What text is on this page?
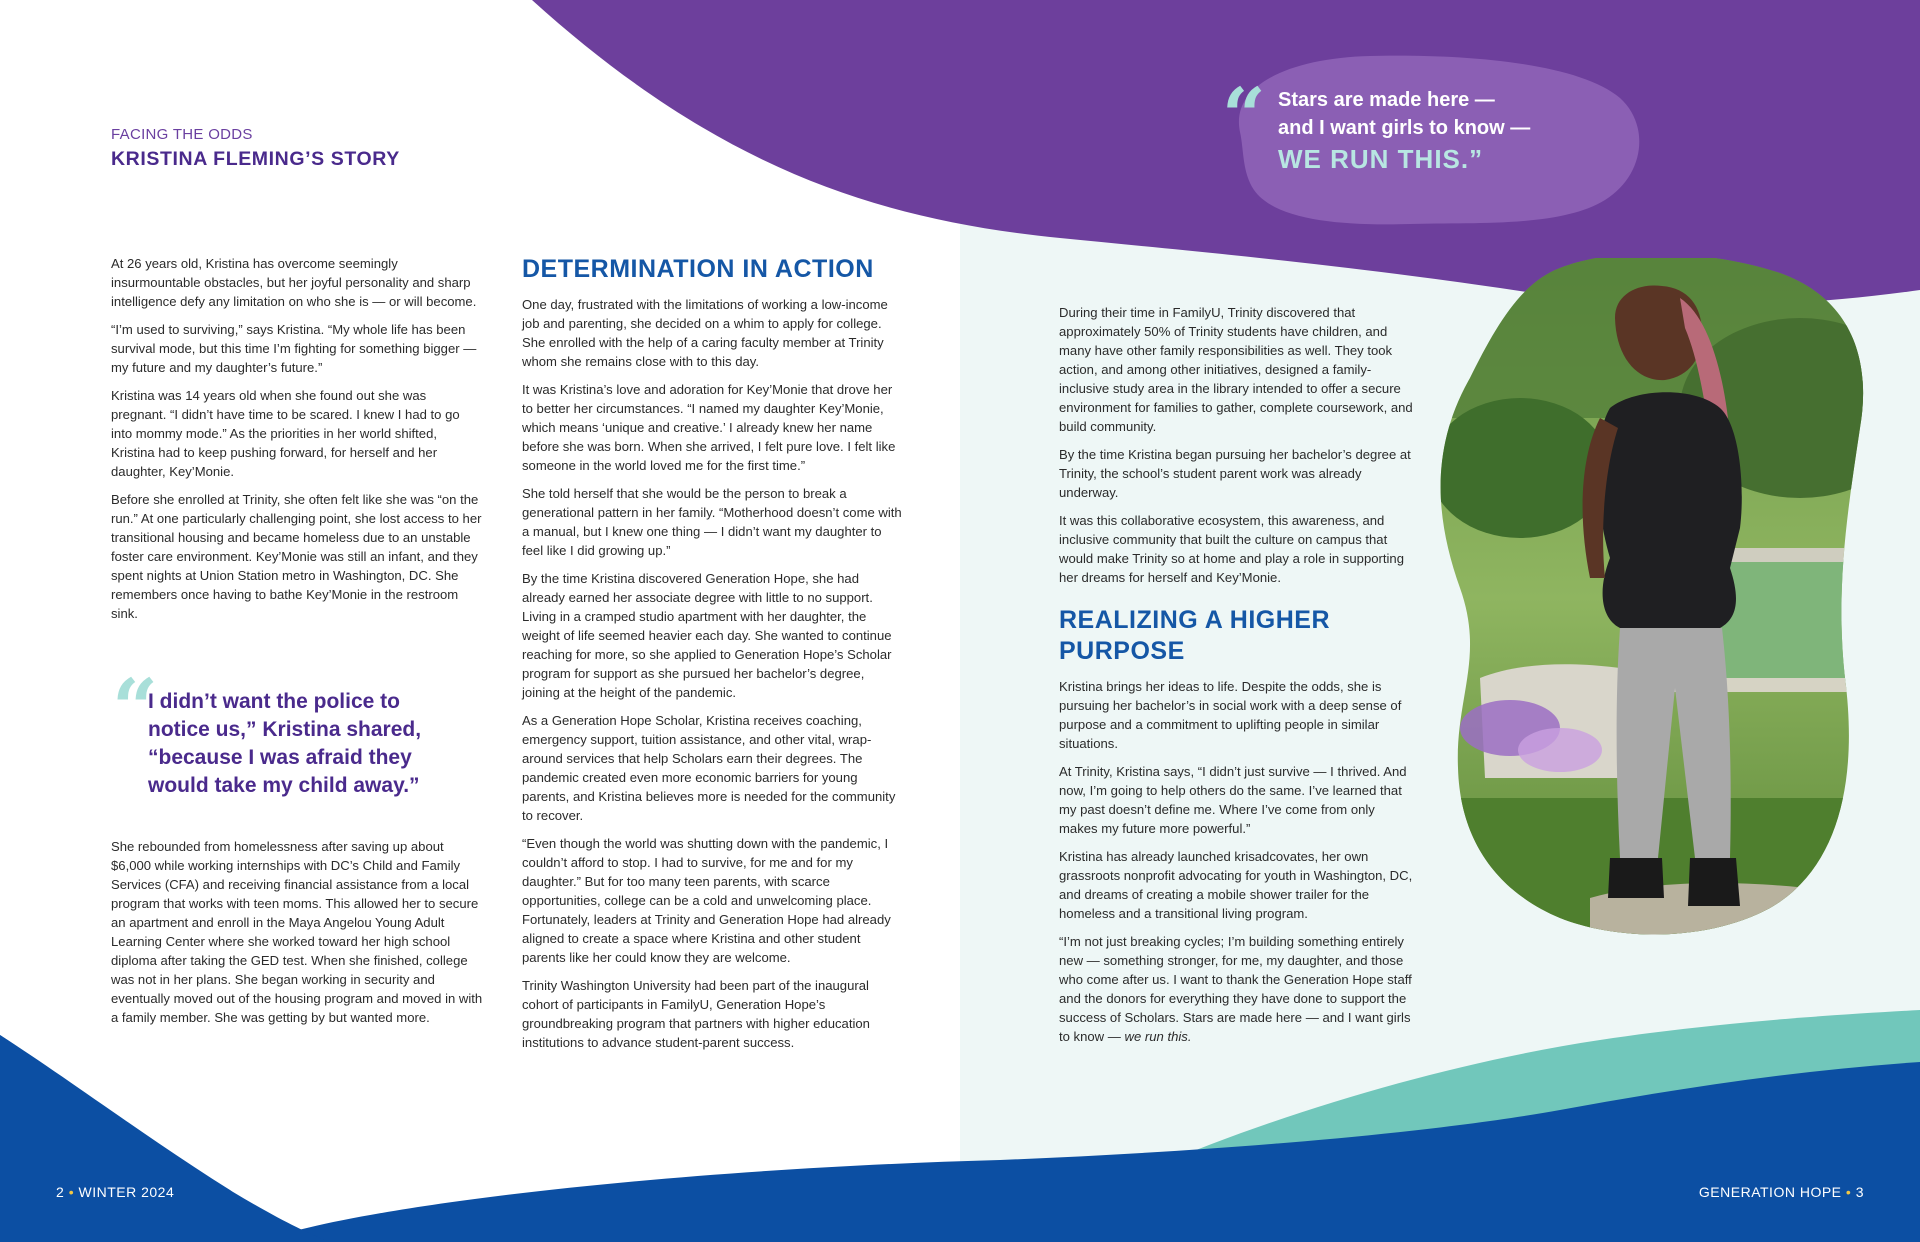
“ Stars are made here —
and I want girls to know —
WE RUN THIS.”
FACING THE ODDS
KRISTINA FLEMING’S STORY

At 26 years old, Kristina has overcome seemingly insurmountable obstacles, but her joyful personality and sharp intelligence defy any limitation on who she is — or will become.

“I’m used to surviving,” says Kristina. “My whole life has been survival mode, but this time I’m fighting for something bigger — my future and my daughter’s future.”

Kristina was 14 years old when she found out she was pregnant. “I didn’t have time to be scared. I knew I had to go into mommy mode.” As the priorities in her world shifted, Kristina had to keep pushing forward, for herself and her daughter, Key’Monie.

Before she enrolled at Trinity, she often felt like she was “on the run.” At one particularly challenging point, she lost access to her transitional housing and became homeless due to an unstable foster care environment. Key’Monie was still an infant, and they spent nights at Union Station metro in Washington, DC. She remembers once having to bathe Key’Monie in the restroom sink.

“
I didn’t want the police to
notice us,” Kristina shared,
“because I was afraid they
would take my child away.”

She rebounded from homelessness after saving up about $6,000 while working internships with DC’s Child and Family Services (CFA) and receiving financial assistance from a local program that works with teen moms. This allowed her to secure an apartment and enroll in the Maya Angelou Young Adult Learning Center where she worked toward her high school diploma after taking the GED test. When she finished, college was not in her plans. She began working in security and eventually moved out of the housing program and moved in with a family member. She was getting by but wanted more.

DETERMINATION IN ACTION

One day, frustrated with the limitations of working a low-income job and parenting, she decided on a whim to apply for college. She enrolled with the help of a caring faculty member at Trinity whom she remains close with to this day.

It was Kristina’s love and adoration for Key’Monie that drove her to better her circumstances. “I named my daughter Key’Monie, which means ‘unique and creative.’ I already knew her name before she was born. When she arrived, I felt pure love. I felt like someone in the world loved me for the first time.”

She told herself that she would be the person to break a generational pattern in her family. “Motherhood doesn’t come with a manual, but I knew one thing — I didn’t want my daughter to feel like I did growing up.”

By the time Kristina discovered Generation Hope, she had already earned her associate degree with little to no support. Living in a cramped studio apartment with her daughter, the weight of life seemed heavier each day. She wanted to continue reaching for more, so she applied to Generation Hope’s Scholar program for support as she pursued her bachelor’s degree, joining at the height of the pandemic.

As a Generation Hope Scholar, Kristina receives coaching, emergency support, tuition assistance, and other vital, wrap-around services that help Scholars earn their degrees. The pandemic created even more economic barriers for young parents, and Kristina believes more is needed for the community to recover.

“Even though the world was shutting down with the pandemic, I couldn’t afford to stop. I had to survive, for me and for my daughter.” But for too many teen parents, with scarce opportunities, college can be a cold and unwelcoming place. Fortunately, leaders at Trinity and Generation Hope had already aligned to create a space where Kristina and other student parents like her could know they are welcome.

Trinity Washington University had been part of the inaugural cohort of participants in FamilyU, Generation Hope’s groundbreaking program that partners with higher education institutions to advance student-parent success.

During their time in FamilyU, Trinity discovered that approximately 50% of Trinity students have children, and many have other family responsibilities as well. They took action, and among other initiatives, designed a family-inclusive study area in the library intended to offer a secure environment for families to gather, complete coursework, and build community.

By the time Kristina began pursuing her bachelor’s degree at Trinity, the school’s student parent work was already underway.

It was this collaborative ecosystem, this awareness, and inclusive community that built the culture on campus that would make Trinity so at home and play a role in supporting her dreams for herself and Key’Monie.

REALIZING A HIGHER
PURPOSE

Kristina brings her ideas to life. Despite the odds, she is pursuing her bachelor’s in social work with a deep sense of purpose and a commitment to uplifting people in similar situations.

At Trinity, Kristina says, “I didn’t just survive — I thrived. And now, I’m going to help others do the same. I’ve learned that my past doesn’t define me. Where I’ve come from only makes my future more powerful.”

Kristina has already launched krisadcovates, her own grassroots nonprofit advocating for youth in Washington, DC, and dreams of creating a mobile shower trailer for the homeless and a transitional living program.

“I’m not just breaking cycles; I’m building something entirely new — something stronger, for me, my daughter, and those who come after us. I want to thank the Generation Hope staff and the donors for everything they have done to support the success of Scholars. Stars are made here — and I want girls to know — we run this.

2 • WINTER 2024	GENERATION HOPE • 3
